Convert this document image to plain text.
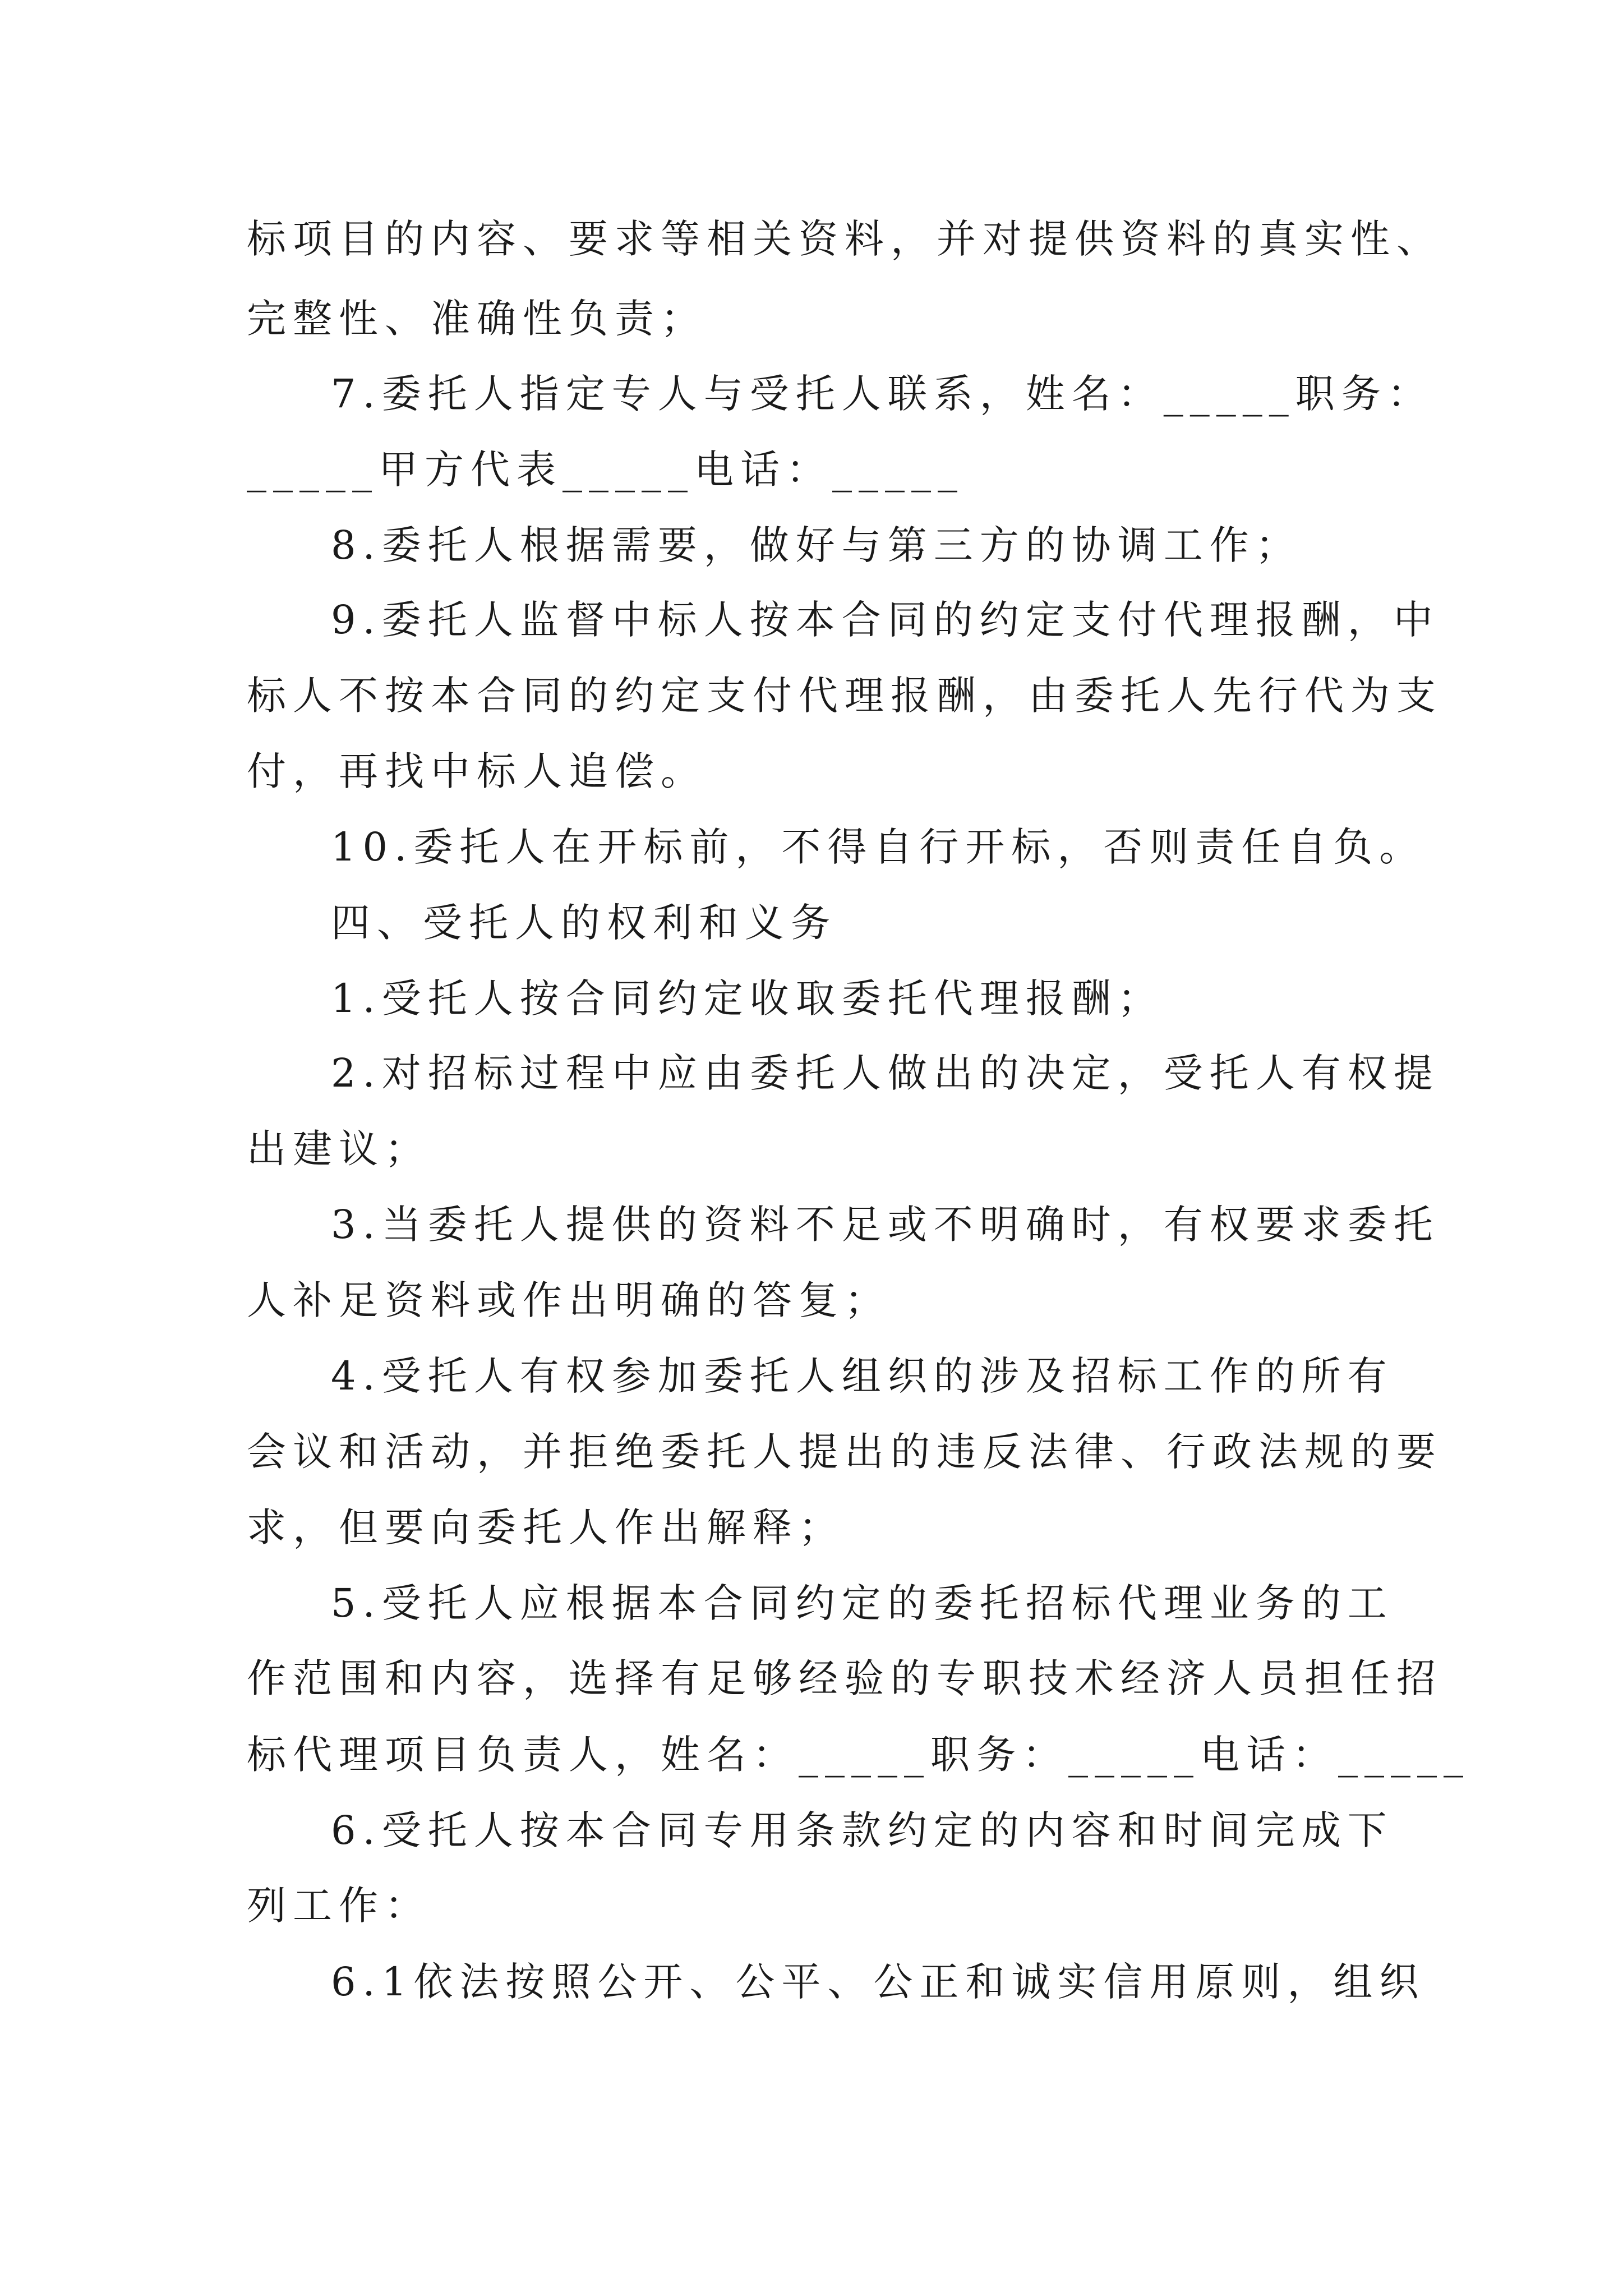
标项目的内容、要求等相关资料，并对提供资料的真实性、
完整性、准确性负责；
7.委托人指定专人与受托人联系，姓名：_____职务：
_____甲方代表_____电话：_____
8.委托人根据需要，做好与第三方的协调工作；
9.委托人监督中标人按本合同的约定支付代理报酬，中
标人不按本合同的约定支付代理报酬，由委托人先行代为支
付，再找中标人追偿。
10.委托人在开标前，不得自行开标，否则责任自负。
四、受托人的权利和义务
1.受托人按合同约定收取委托代理报酬；
2.对招标过程中应由委托人做出的决定，受托人有权提
出建议；
3.当委托人提供的资料不足或不明确时，有权要求委托
人补足资料或作出明确的答复；
4.受托人有权参加委托人组织的涉及招标工作的所有
会议和活动，并拒绝委托人提出的违反法律、行政法规的要
求，但要向委托人作出解释；
5.受托人应根据本合同约定的委托招标代理业务的工
作范围和内容，选择有足够经验的专职技术经济人员担任招
标代理项目负责人，姓名：_____职务：_____电话：_____
6.受托人按本合同专用条款约定的内容和时间完成下
列工作：
6.1依法按照公开、公平、公正和诚实信用原则，组织
